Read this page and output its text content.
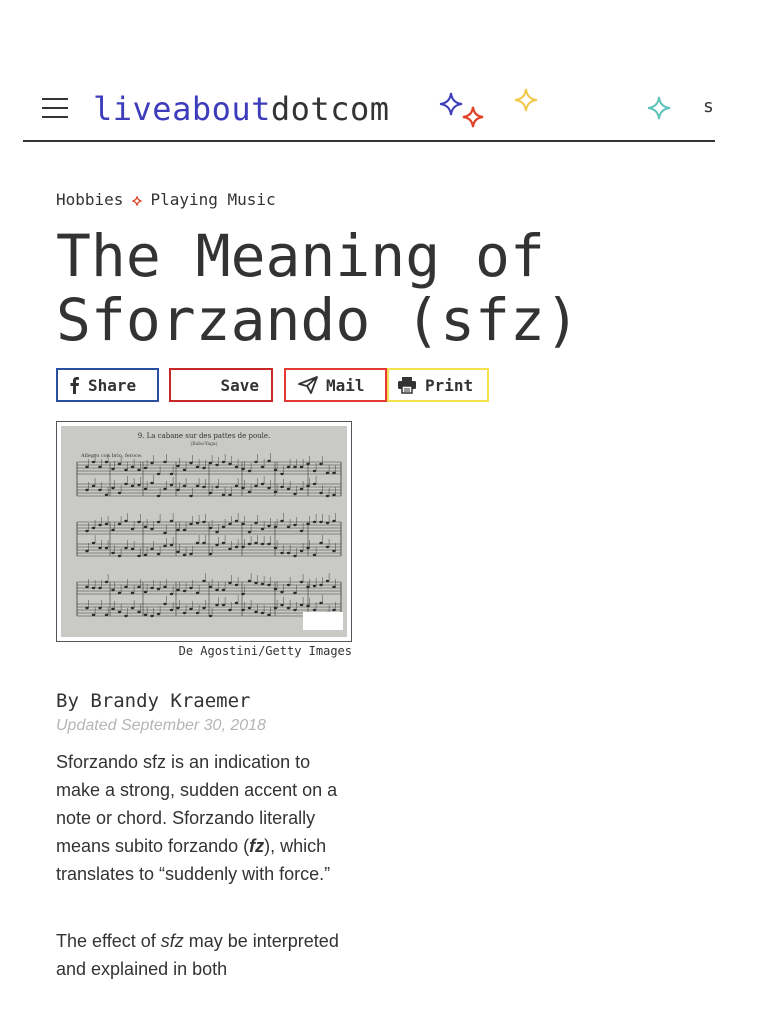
liveaboutdotcom	s
Hobbies Playing Music
The Meaning of Sforzando (sfz)
Share	Save	Mail	Print
9. La cabane sur des pattes de poule.
(Baba-Yaga)
Allegro con brio, feroce.
De Agostini/Getty Images
By Brandy Kraemer
Updated September 30, 2018

Sforzando sfz is an indication to make a strong, sudden accent on a note or chord. Sforzando literally means subito forzando (fz), which translates to “suddenly with force.”

The effect of sfz may be interpreted and explained in both
